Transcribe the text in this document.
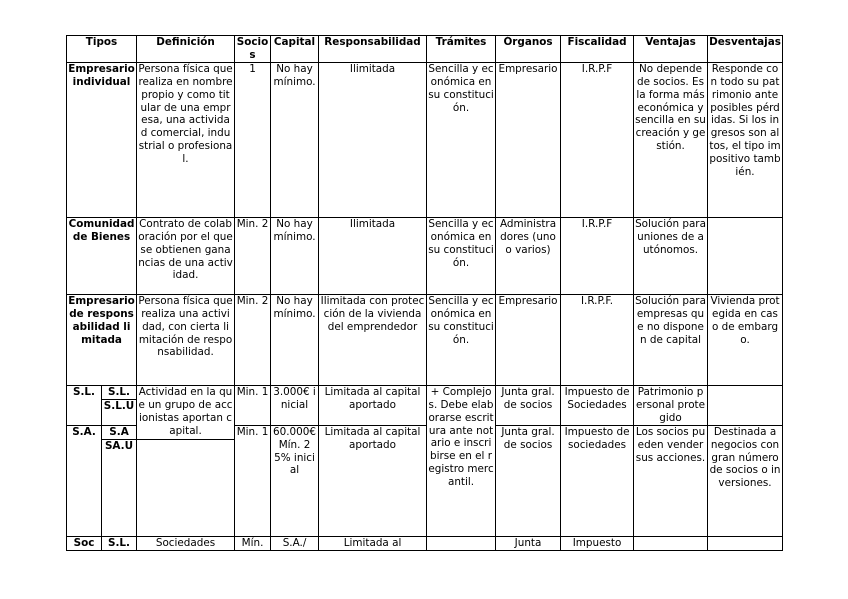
Tipos		Definición	Socios	Capital	Responsabilidad	Trámites	Órganos	Fiscalidad	Ventajas	Desventajas
Empresario individual		Persona física que realiza en nombre propio y como titular de una empresa, una actividad comercial, industrial o profesional.	1	No hay mínimo.	Ilimitada	Sencilla y económica en su constitución.	Empresario	I.R.P.F	No depende de socios. Es la forma más económica y sencilla en su creación y gestión.	Responde con todo su patrimonio ante posibles pérdidas. Si los ingresos son altos, el tipo impositivo también.
Comunidad de Bienes		Contrato de colaboración por el que se obtienen ganancias de una actividad.	Min. 2	No hay mínimo.	Ilimitada	Sencilla y económica en su constitución.	Administradores (uno o varios)	I.R.P.F	Solución para uniones de autónomos.	
Empresario de responsabilidad limitada		Persona física que realiza una actividad, con cierta limitación de responsabilidad.	Min. 2	No hay mínimo.	Ilimitada con protección de la vivienda del emprendedor	Sencilla y económica en su constitución.	Empresario	I.R.P.F.	Solución para empresas que no disponen de capital	Vivienda protegida en caso de embargo.
S.L.	S.L.	Actividad en la que un grupo de accionistas aportan capital.	Min. 1	3.000€ inicial	Limitada al capital aportado	+ Complejos. Debe elaborarse escritura ante notario e inscribirse en el registro mercantil.	Junta gral. de socios	Impuesto de Sociedades	Patrimonio personal protegido	
	S.L.U									
S.A.	S.A		Min. 1	60.000€ Mín. 25% inicial	Limitada al capital aportado		Junta gral. de socios	Impuesto de sociedades	Los socios pueden vender sus acciones.	Destinada a negocios con gran número de socios o inversiones.
	SA.U									
Soc	S.L.	Sociedades	Mín.	S.A./	Limitada al		Junta	Impuesto		
